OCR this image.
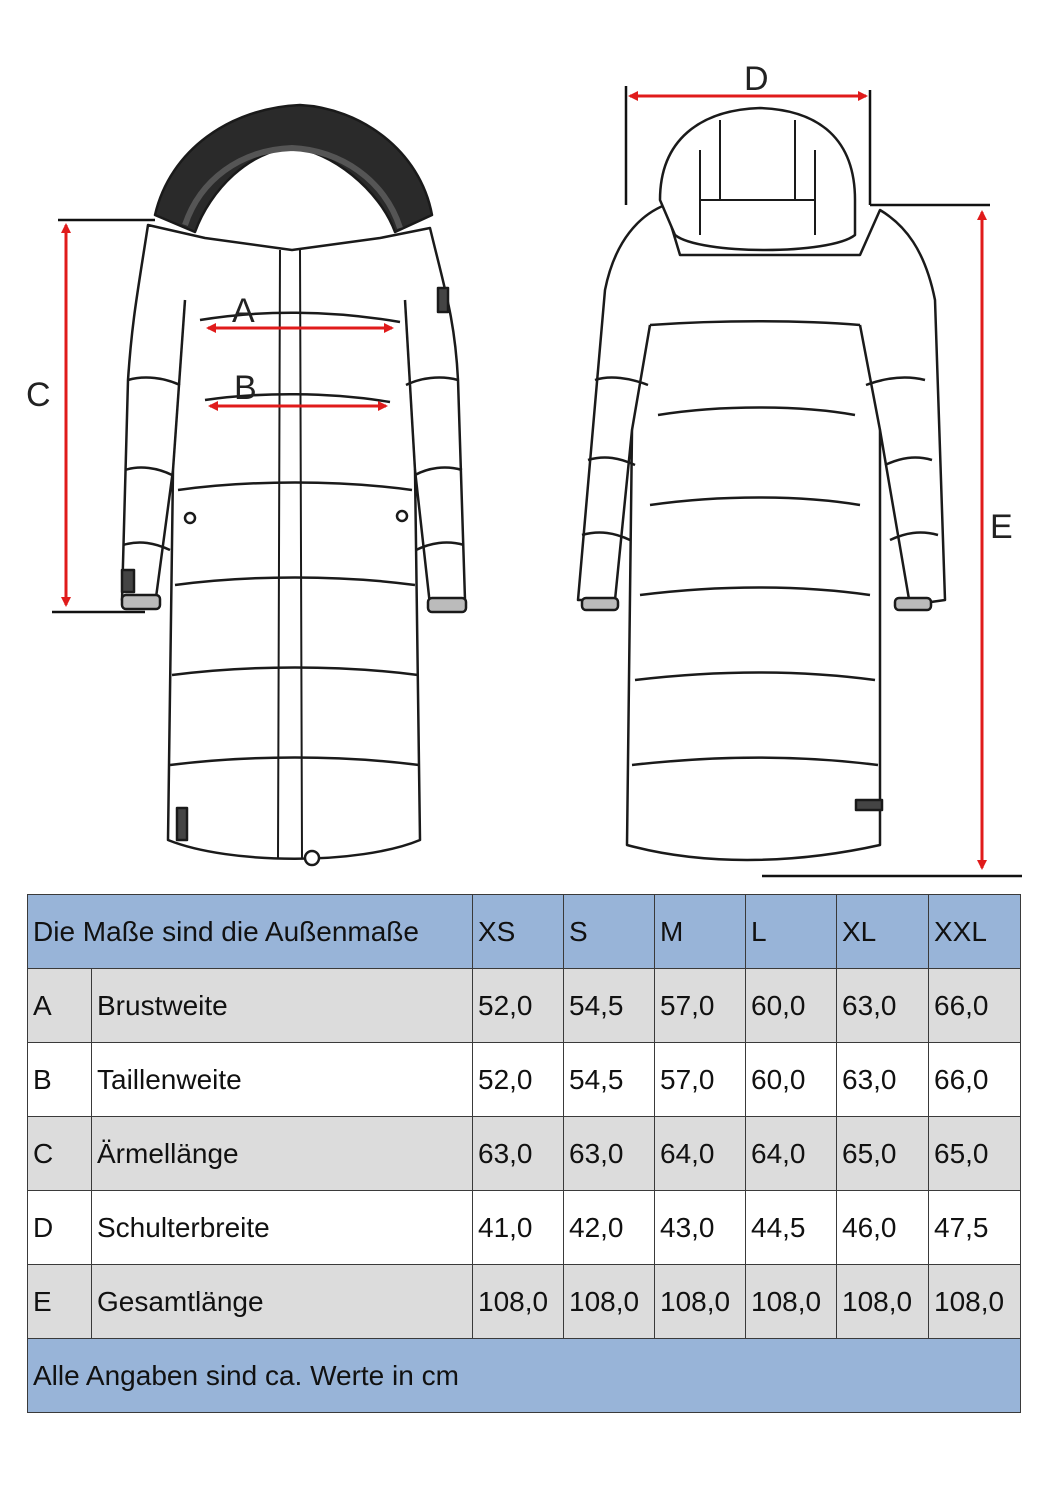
A
B
C
D
E
Die Maße sind die Außenmaße		XS	S	M	L	XL	XXL
A	Brustweite	52,0	54,5	57,0	60,0	63,0	66,0
B	Taillenweite	52,0	54,5	57,0	60,0	63,0	66,0
C	Ärmellänge	63,0	63,0	64,0	64,0	65,0	65,0
D	Schulterbreite	41,0	42,0	43,0	44,5	46,0	47,5
E	Gesamtlänge	108,0	108,0	108,0	108,0	108,0	108,0
Alle Angaben sind ca. Werte in cm							
